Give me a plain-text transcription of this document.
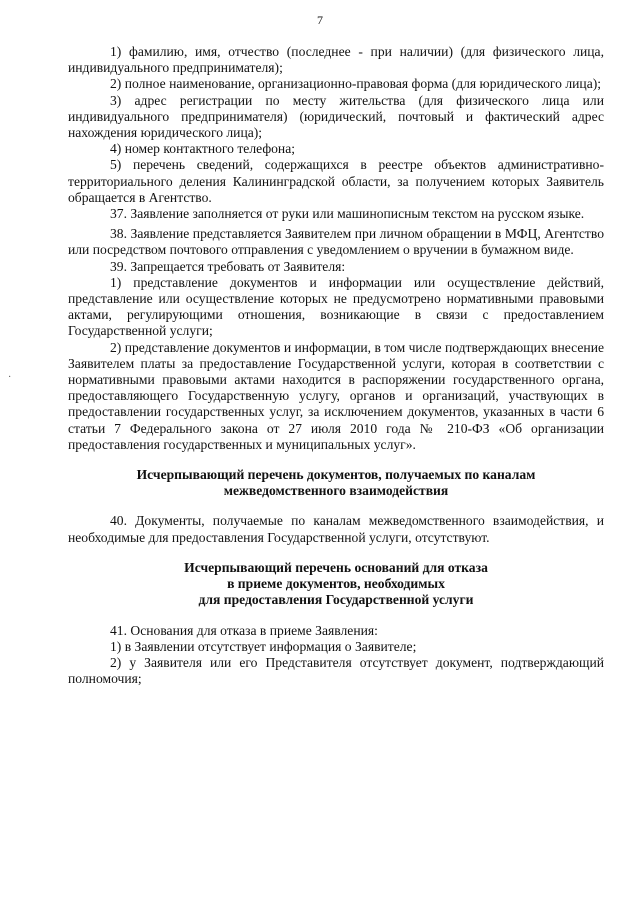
7
·

1) фамилию, имя, отчество (последнее - при наличии) (для физического лица, индивидуального предпринимателя);

2) полное наименование, организационно-правовая форма (для юридического лица);

3) адрес регистрации по месту жительства (для физического лица или индивидуального предпринимателя) (юридический, почтовый и фактический адрес нахождения юридического лица);

4) номер контактного телефона;

5) перечень сведений, содержащихся в реестре объектов административно-территориального деления Калининградской области, за получением которых Заявитель обращается в Агентство.

37. Заявление заполняется от руки или машинописным текстом на русском языке.

38. Заявление представляется Заявителем при личном обращении в МФЦ, Агентство или посредством почтового отправления с уведомлением о вручении в бумажном виде.

39. Запрещается требовать от Заявителя:

1) представление документов и информации или осуществление действий, представление или осуществление которых не предусмотрено нормативными правовыми актами, регулирующими отношения, возникающие в связи с предоставлением Государственной услуги;

2) представление документов и информации, в том числе подтверждающих внесение Заявителем платы за предоставление Государственной услуги, которая в соответствии с нормативными правовыми актами находится в распоряжении государственного органа, предоставляющего Государственную услугу, органов и организаций, участвующих в предоставлении государственных услуг, за исключением документов, указанных в части 6 статьи 7 Федерального закона от 27 июля 2010 года № 210-ФЗ «Об организации предоставления государственных и муниципальных услуг».

Исчерпывающий перечень документов, получаемых по каналам

межведомственного взаимодействия

40. Документы, получаемые по каналам межведомственного взаимодействия, и необходимые для предоставления Государственной услуги, отсутствуют.

Исчерпывающий перечень оснований для отказа

в приеме документов, необходимых

для предоставления Государственной услуги

41. Основания для отказа в приеме Заявления:

1) в Заявлении отсутствует информация о Заявителе;

2) у Заявителя или его Представителя отсутствует документ, подтверждающий полномочия;
